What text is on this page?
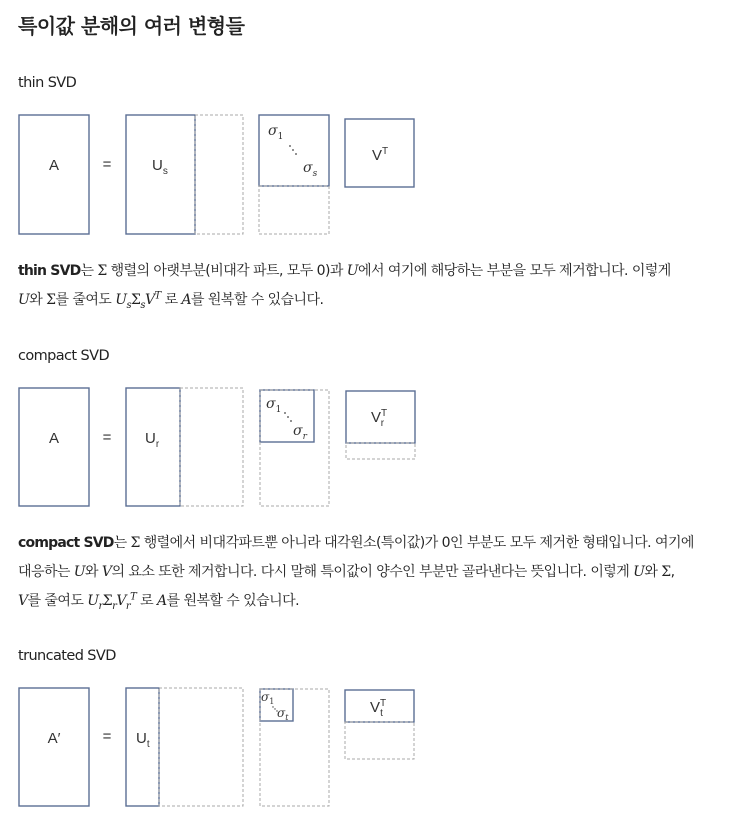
특이값 분해의 여러 변형들
thin SVD
A	=	$U_s$
$\sigma_1$
$\sigma_s$
$V^T$
thin SVD는 Σ 행렬의 아랫부분(비대각 파트, 모두 0)과 U에서 여기에 해당하는 부분을 모두 제거합니다. 이렇게
U와 Σ를 줄여도 $U_s\Sigma_sV^T$ 로 A를 원복할 수 있습니다.
compact SVD
A	= $U_r$
$\sigma_1$
$\sigma_r$
$V^T$ r
compact SVD는 Σ 행렬에서 비대각파트뿐 아니라 대각원소(특이값)가 0인 부분도 모두 제거한 형태입니다. 여기에
대응하는 U와 V의 요소 또한 제거합니다. 다시 말해 특이값이 양수인 부분만 골라낸다는 뜻입니다. 이렇게 U와 Σ,
V를 줄여도 $U_r\Sigma_rV_r^T$ 로 A를 원복할 수 있습니다.
truncated SVD
A′	= $U_t$
$\sigma_1$
$\sigma_t$
$V^T$ t
